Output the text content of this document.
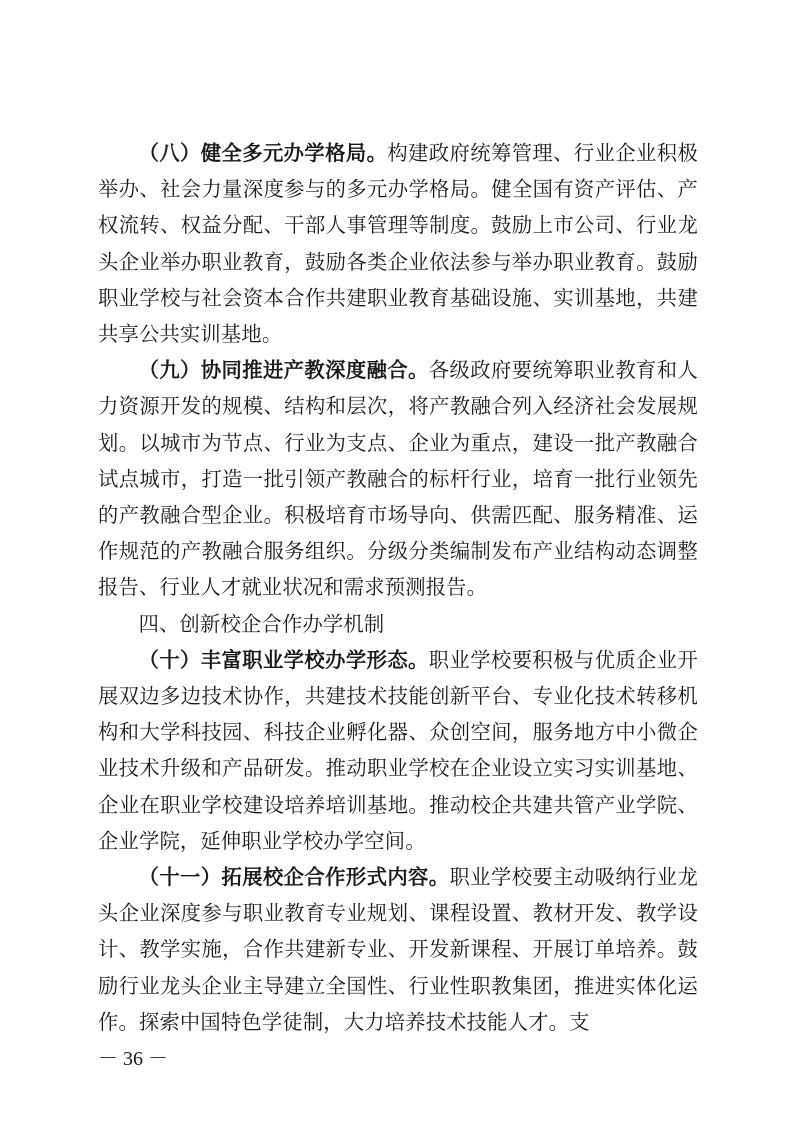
（八）健全多元办学格局。构建政府统筹管理、行业企业积极举办、社会力量深度参与的多元办学格局。健全国有资产评估、产权流转、权益分配、干部人事管理等制度。鼓励上市公司、行业龙头企业举办职业教育，鼓励各类企业依法参与举办职业教育。鼓励职业学校与社会资本合作共建职业教育基础设施、实训基地，共建共享公共实训基地。

（九）协同推进产教深度融合。各级政府要统筹职业教育和人力资源开发的规模、结构和层次，将产教融合列入经济社会发展规划。以城市为节点、行业为支点、企业为重点，建设一批产教融合试点城市，打造一批引领产教融合的标杆行业，培育一批行业领先的产教融合型企业。积极培育市场导向、供需匹配、服务精准、运作规范的产教融合服务组织。分级分类编制发布产业结构动态调整报告、行业人才就业状况和需求预测报告。

四、创新校企合作办学机制

（十）丰富职业学校办学形态。职业学校要积极与优质企业开展双边多边技术协作，共建技术技能创新平台、专业化技术转移机构和大学科技园、科技企业孵化器、众创空间，服务地方中小微企业技术升级和产品研发。推动职业学校在企业设立实习实训基地、企业在职业学校建设培养培训基地。推动校企共建共管产业学院、企业学院，延伸职业学校办学空间。

（十一）拓展校企合作形式内容。职业学校要主动吸纳行业龙头企业深度参与职业教育专业规划、课程设置、教材开发、教学设计、教学实施，合作共建新专业、开发新课程、开展订单培养。鼓励行业龙头企业主导建立全国性、行业性职教集团，推进实体化运作。探索中国特色学徒制，大力培养技术技能人才。支

－ 36 －
